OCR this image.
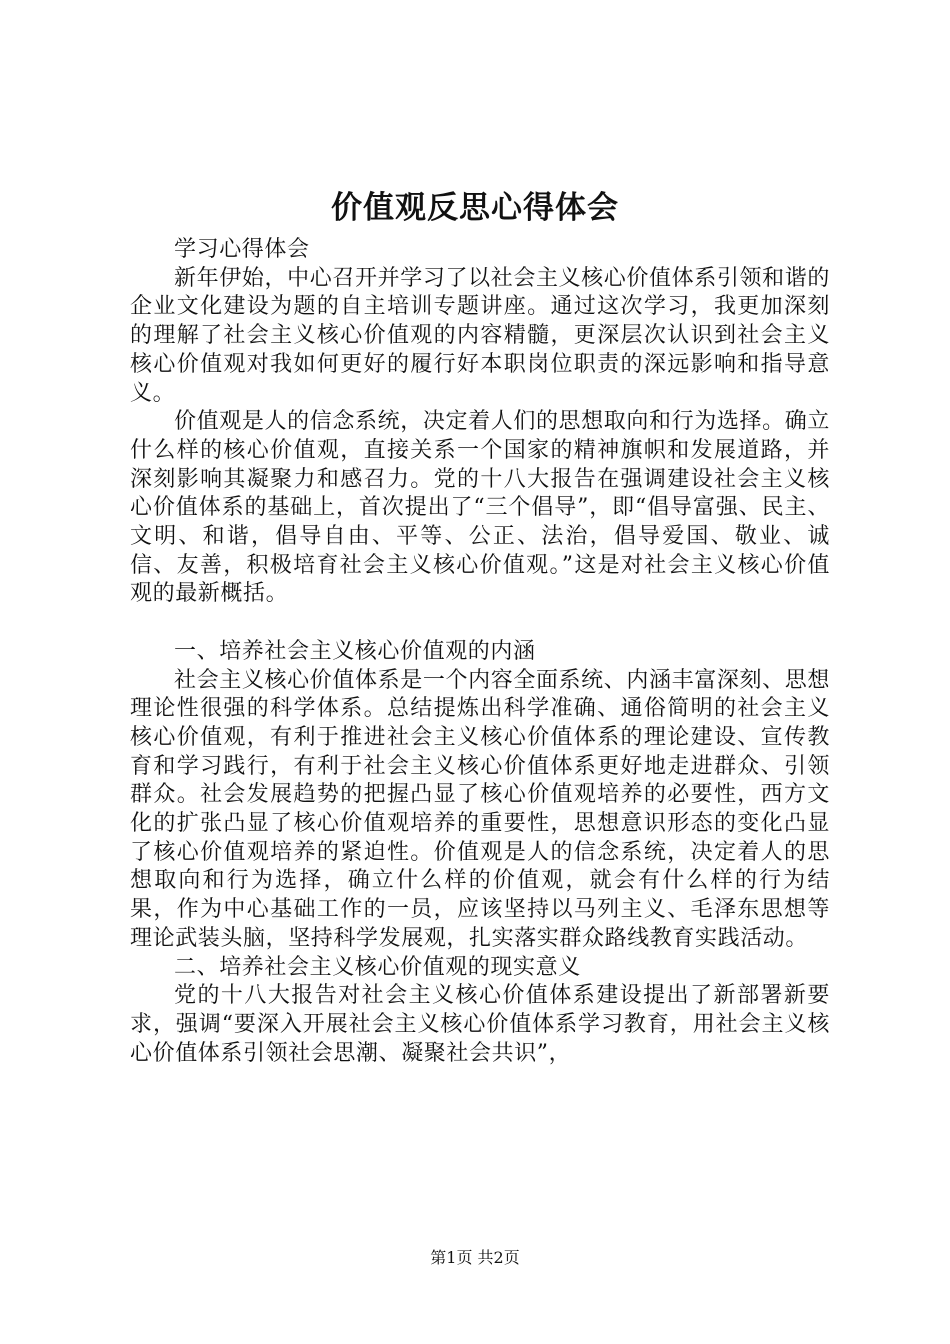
价值观反思心得体会

学习心得体会

新年伊始，中心召开并学习了以社会主义核心价值体系引领和谐的企业文化建设为题的自主培训专题讲座。通过这次学习，我更加深刻的理解了社会主义核心价值观的内容精髓，更深层次认识到社会主义核心价值观对我如何更好的履行好本职岗位职责的深远影响和指导意义。

价值观是人的信念系统，决定着人们的思想取向和行为选择。确立什么样的核心价值观，直接关系一个国家的精神旗帜和发展道路，并深刻影响其凝聚力和感召力。党的十八大报告在强调建设社会主义核心价值体系的基础上，首次提出了“三个倡导”，即“倡导富强、民主、文明、和谐，倡导自由、平等、公正、法治，倡导爱国、敬业、诚信、友善，积极培育社会主义核心价值观。”这是对社会主义核心价值观的最新概括。

一、培养社会主义核心价值观的内涵

社会主义核心价值体系是一个内容全面系统、内涵丰富深刻、思想理论性很强的科学体系。总结提炼出科学准确、通俗简明的社会主义核心价值观，有利于推进社会主义核心价值体系的理论建设、宣传教育和学习践行，有利于社会主义核心价值体系更好地走进群众、引领群众。社会发展趋势的把握凸显了核心价值观培养的必要性，西方文化的扩张凸显了核心价值观培养的重要性，思想意识形态的变化凸显了核心价值观培养的紧迫性。价值观是人的信念系统，决定着人的思想取向和行为选择，确立什么样的价值观，就会有什么样的行为结果，作为中心基础工作的一员，应该坚持以马列主义、毛泽东思想等理论武装头脑，坚持科学发展观，扎实落实群众路线教育实践活动。

二、培养社会主义核心价值观的现实意义

党的十八大报告对社会主义核心价值体系建设提出了新部署新要求，强调“要深入开展社会主义核心价值体系学习教育，用社会主义核心价值体系引领社会思潮、凝聚社会共识”，

第1页 共2页
